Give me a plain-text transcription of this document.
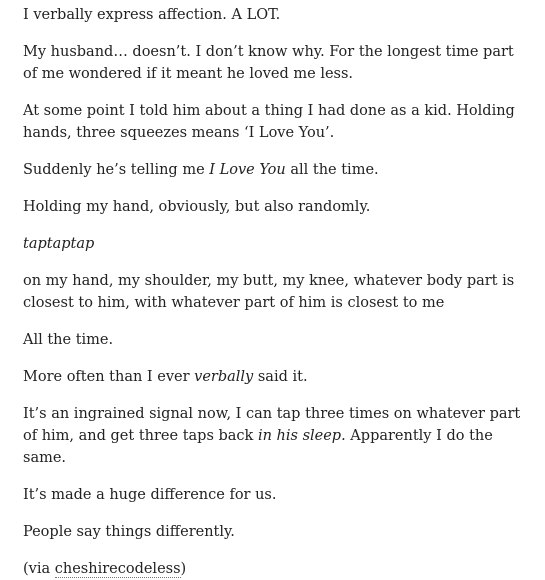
I verbally express affection. A LOT.

My husband… doesn’t. I don’t know why. For the longest time part of me wondered if it meant he loved me less.

At some point I told him about a thing I had done as a kid. Holding hands, three squeezes means ‘I Love You’.

Suddenly he’s telling me I Love You all the time.

Holding my hand, obviously, but also randomly.

taptaptap

on my hand, my shoulder, my butt, my knee, whatever body part is closest to him, with whatever part of him is closest to me

All the time.

More often than I ever verbally said it.

It’s an ingrained signal now, I can tap three times on whatever part of him, and get three taps back in his sleep. Apparently I do the same.

It’s made a huge difference for us.

People say things differently.

(via cheshirecodeless)
